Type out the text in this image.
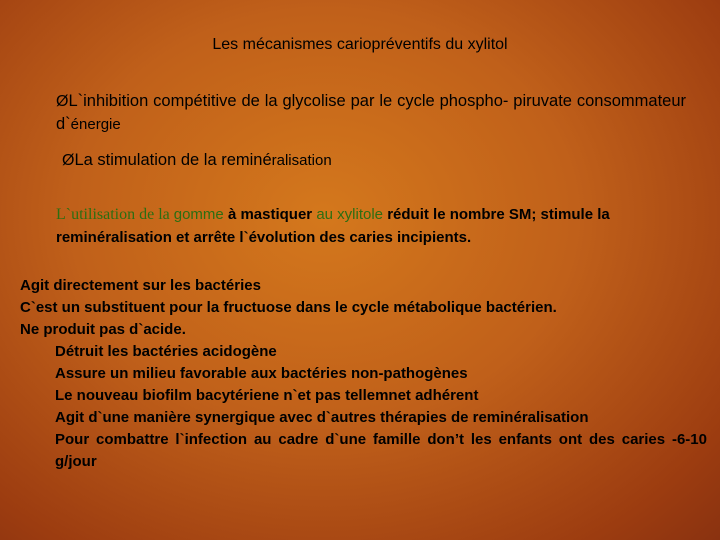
Les mécanismes cariopréventifs du xylitol
ØL`inhibition compétitive de la glycolise par le cycle phospho- piruvate consommateur d`énergie
ØLa stimulation de la reminéralisation
L`utilisation de la gomme à mastiquer au xylitole réduit le nombre SM; stimule la reminéralisation et arrête l`évolution des caries incipients.
Agit directement sur les bactéries
C`est un substituent pour la fructuose dans le cycle métabolique bactérien.
Ne produit pas d`acide.
Détruit les bactéries acidogène
Assure un milieu favorable aux bactéries non-pathogènes
Le nouveau biofilm bacytériene n`et pas tellemnet adhérent
Agit d`une manière synergique avec d`autres thérapies de reminéralisation
Pour combattre l`infection au cadre d`une famille don’t les enfants ont des caries -6-10 g/jour
